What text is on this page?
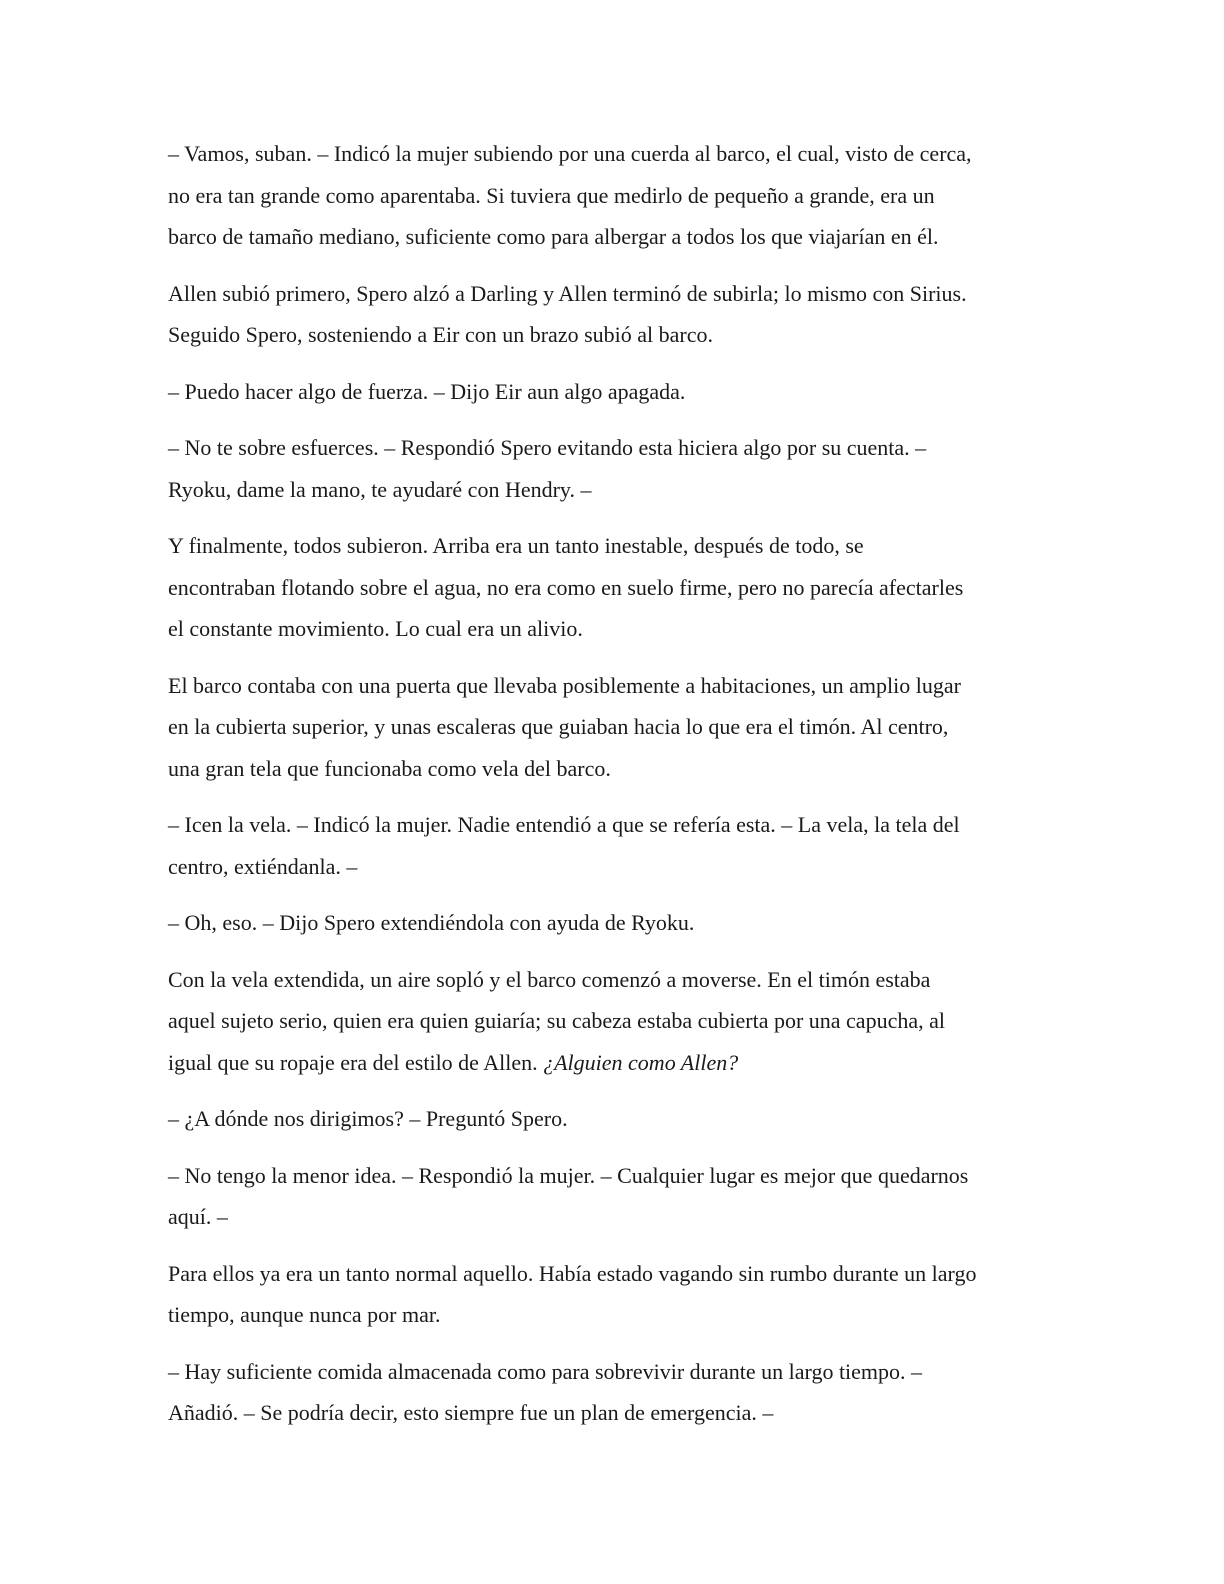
– Vamos, suban. – Indicó la mujer subiendo por una cuerda al barco, el cual, visto de cerca,
no era tan grande como aparentaba. Si tuviera que medirlo de pequeño a grande, era un
barco de tamaño mediano, suficiente como para albergar a todos los que viajarían en él.

Allen subió primero, Spero alzó a Darling y Allen terminó de subirla; lo mismo con Sirius.
Seguido Spero, sosteniendo a Eir con un brazo subió al barco.

– Puedo hacer algo de fuerza. – Dijo Eir aun algo apagada.

– No te sobre esfuerces. – Respondió Spero evitando esta hiciera algo por su cuenta. –
Ryoku, dame la mano, te ayudaré con Hendry. –

Y finalmente, todos subieron. Arriba era un tanto inestable, después de todo, se
encontraban flotando sobre el agua, no era como en suelo firme, pero no parecía afectarles
el constante movimiento. Lo cual era un alivio.

El barco contaba con una puerta que llevaba posiblemente a habitaciones, un amplio lugar
en la cubierta superior, y unas escaleras que guiaban hacia lo que era el timón. Al centro,
una gran tela que funcionaba como vela del barco.

– Icen la vela. – Indicó la mujer. Nadie entendió a que se refería esta. – La vela, la tela del
centro, extiéndanla. –

– Oh, eso. – Dijo Spero extendiéndola con ayuda de Ryoku.

Con la vela extendida, un aire sopló y el barco comenzó a moverse. En el timón estaba
aquel sujeto serio, quien era quien guiaría; su cabeza estaba cubierta por una capucha, al
igual que su ropaje era del estilo de Allen. ¿Alguien como Allen?

– ¿A dónde nos dirigimos? – Preguntó Spero.

– No tengo la menor idea. – Respondió la mujer. – Cualquier lugar es mejor que quedarnos
aquí. –

Para ellos ya era un tanto normal aquello. Había estado vagando sin rumbo durante un largo
tiempo, aunque nunca por mar.

– Hay suficiente comida almacenada como para sobrevivir durante un largo tiempo. –
Añadió. – Se podría decir, esto siempre fue un plan de emergencia. –
